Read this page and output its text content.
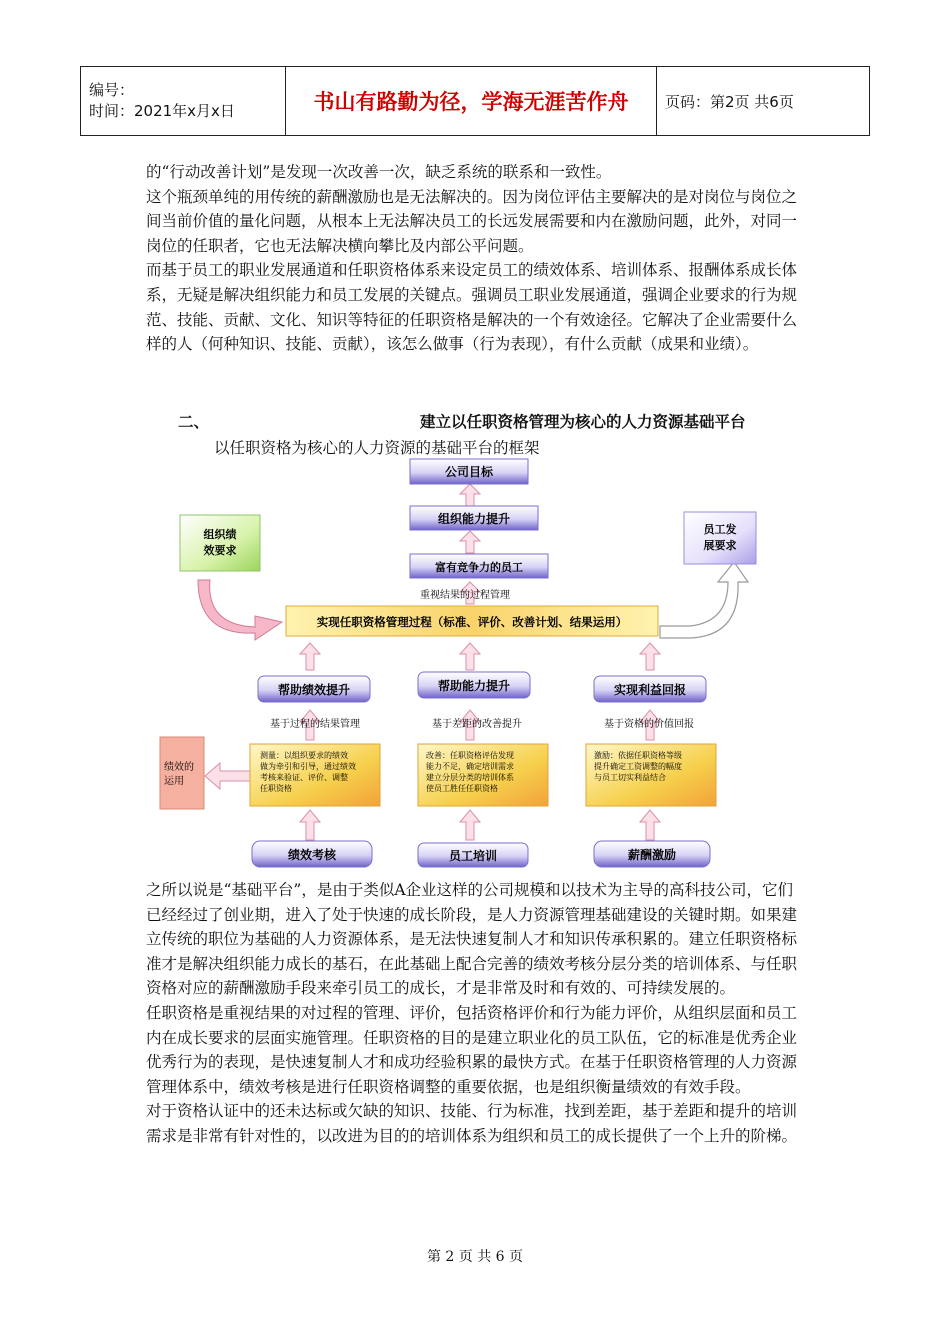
编号：
时间：2021年x月x日	书山有路勤为径，学海无涯苦作舟	页码：第2页 共6页

的“行动改善计划”是发现一次改善一次，缺乏系统的联系和一致性。

这个瓶颈单纯的用传统的薪酬激励也是无法解决的。因为岗位评估主要解决的是对岗位与岗位之间当前价值的量化问题，从根本上无法解决员工的长远发展需要和内在激励问题，此外，对同一岗位的任职者，它也无法解决横向攀比及内部公平问题。

而基于员工的职业发展通道和任职资格体系来设定员工的绩效体系、培训体系、报酬体系成长体系，无疑是解决组织能力和员工发展的关键点。强调员工职业发展通道，强调企业要求的行为规范、技能、贡献、文化、知识等特征的任职资格是解决的一个有效途径。它解决了企业需要什么样的人（何种知识、技能、贡献），该怎么做事（行为表现），有什么贡献（成果和业绩）。

二、	建立以任职资格管理为核心的人力资源基础平台
以任职资格为核心的人力资源的基础平台的框架
公司目标
组织能力提升
富有竞争力的员工
重视结果的过程管理
实现任职资格管理过程（标准、评价、改善计划、结果运用）
组织绩效要求
员工发展要求
帮助绩效提升	帮助能力提升	实现利益回报
基于过程的结果管理	基于差距的改善提升	基于资格的价值回报
绩效的运用
测量：以组织要求的绩效做为牵引和引导，通过绩效考核来验证、评价、调整任职资格
改善：任职资格评估发现能力不足，确定培训需求建立分层分类的培训体系使员工胜任任职资格
激励：依据任职资格等级提升确定工资调整的幅度与员工切实利益结合
绩效考核	员工培训	薪酬激励

之所以说是“基础平台”，是由于类似A企业这样的公司规模和以技术为主导的高科技公司，它们已经经过了创业期，进入了处于快速的成长阶段，是人力资源管理基础建设的关键时期。如果建立传统的职位为基础的人力资源体系，是无法快速复制人才和知识传承积累的。建立任职资格标准才是解决组织能力成长的基石，在此基础上配合完善的绩效考核分层分类的培训体系、与任职资格对应的薪酬激励手段来牵引员工的成长，才是非常及时和有效的、可持续发展的。

任职资格是重视结果的对过程的管理、评价，包括资格评价和行为能力评价，从组织层面和员工内在成长要求的层面实施管理。任职资格的目的是建立职业化的员工队伍，它的标准是优秀企业优秀行为的表现，是快速复制人才和成功经验积累的最快方式。在基于任职资格管理的人力资源管理体系中，绩效考核是进行任职资格调整的重要依据，也是组织衡量绩效的有效手段。

对于资格认证中的还未达标或欠缺的知识、技能、行为标准，找到差距，基于差距和提升的培训需求是非常有针对性的，以改进为目的的培训体系为组织和员工的成长提供了一个上升的阶梯。

第 2 页 共 6 页
